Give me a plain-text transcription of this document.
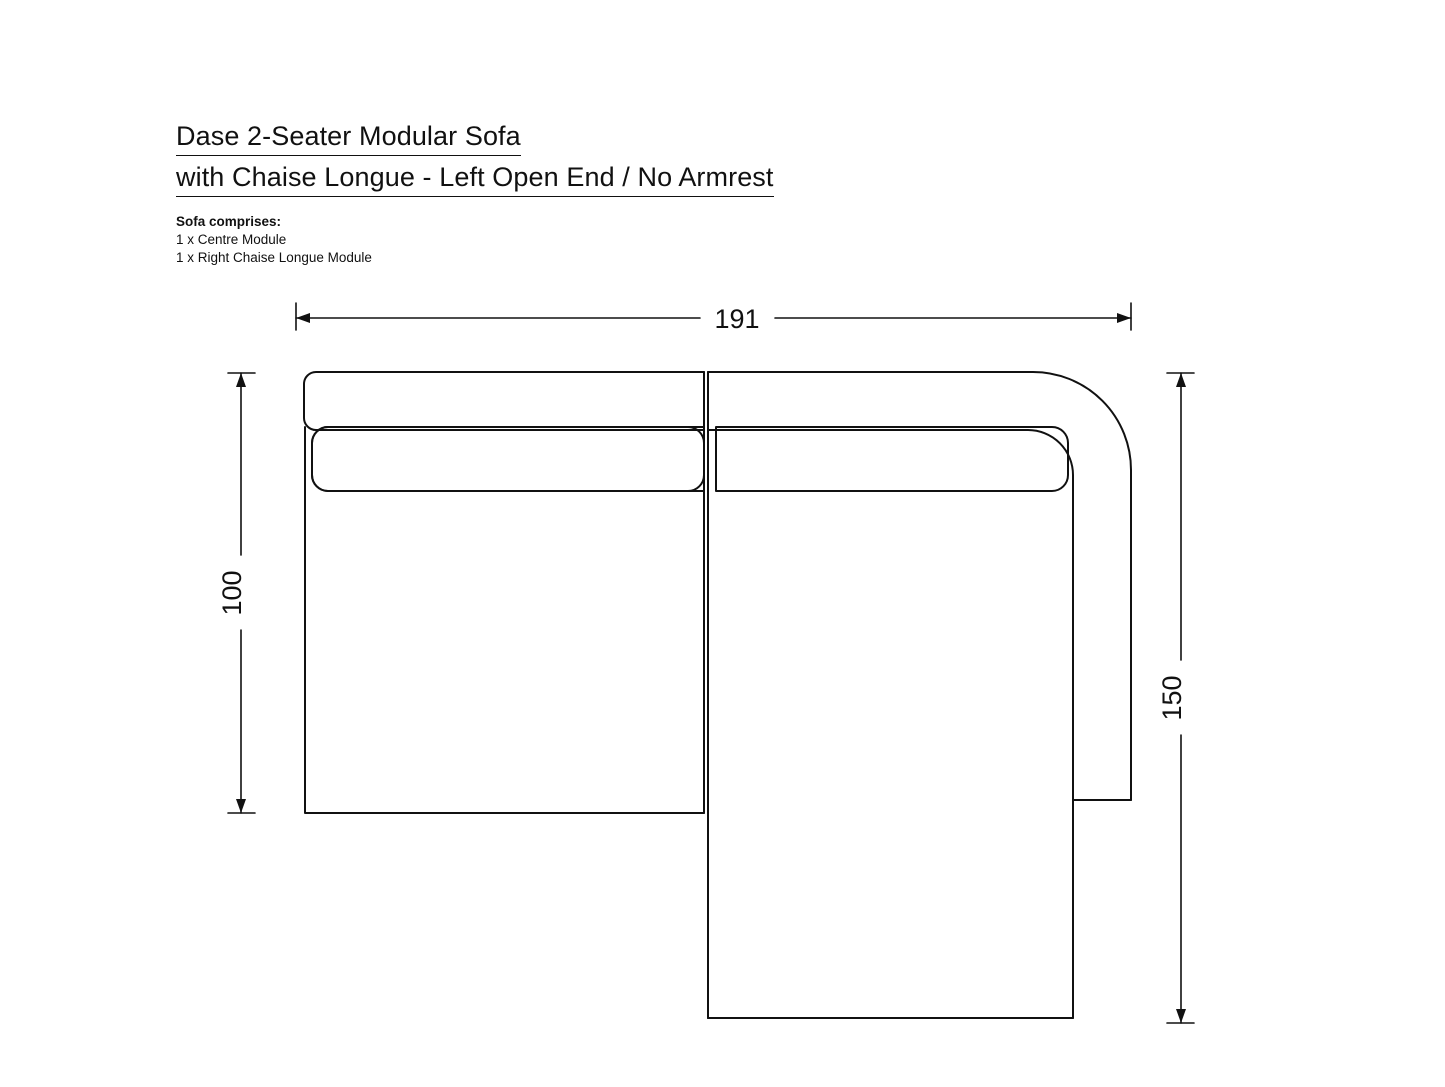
Dase 2-Seater Modular Sofa with Chaise Longue - Left Open End / No Armrest
Sofa comprises:
1 x Centre Module
1 x Right Chaise Longue Module
191
100
150
